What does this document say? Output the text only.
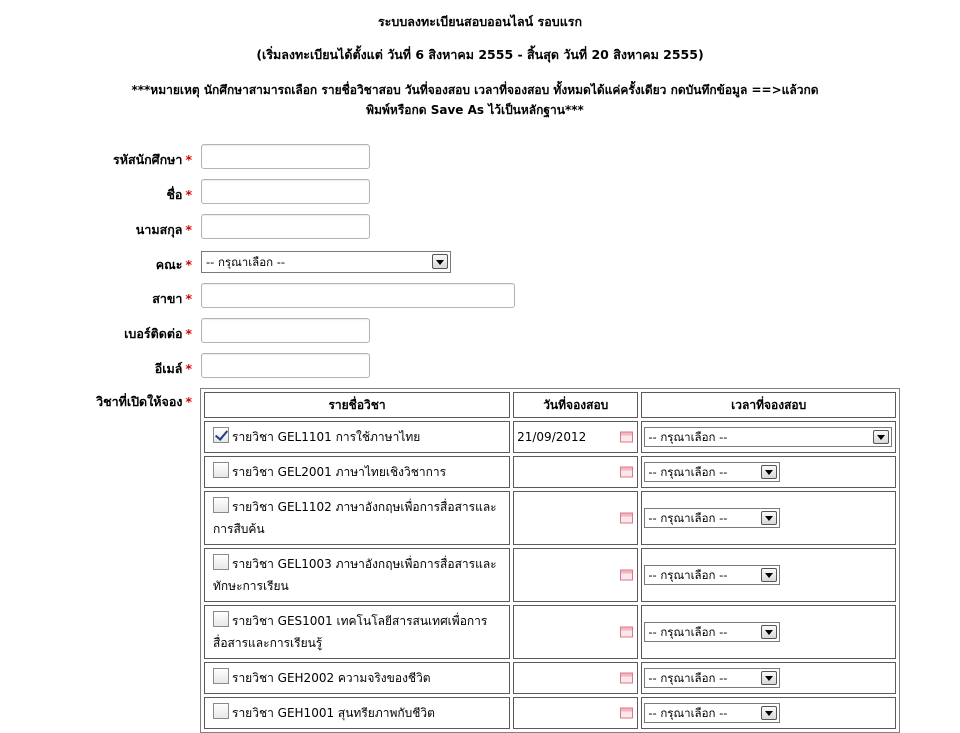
ระบบลงทะเบียนสอบออนไลน์ รอบแรก
(เริ่มลงทะเบียนได้ตั้งแต่ วันที่ 6 สิงหาคม 2555 - สิ้นสุด วันที่ 20 สิงหาคม 2555)
***หมายเหตุ นักศึกษาสามารถเลือก รายชื่อวิชาสอบ วันที่จองสอบ เวลาที่จองสอบ ทั้งหมดได้แค่ครั้งเดียว กดบันทึกข้อมูล ==>แล้วกด
พิมพ์หรือกด Save As ไว้เป็นหลักฐาน***
รหัสนักศึกษา *
ชื่อ *
นามสกุล *
คณะ *	-- กรุณาเลือก --
สาขา *
เบอร์ติดต่อ *
อีเมล์ *
วิชาที่เปิดให้จอง *	รายชื่อวิชา	วันที่จองสอบ	เวลาที่จองสอบ
รายวิชา GEL1101 การใช้ภาษาไทย	21/09/2012	-- กรุณาเลือก --

รายวิชา GEL2001 ภาษาไทยเชิงวิชาการ		-- กรุณาเลือก --

รายวิชา GEL1102 ภาษาอังกฤษเพื่อการสื่อสารและการสืบค้น		-- กรุณาเลือก --

รายวิชา GEL1003 ภาษาอังกฤษเพื่อการสื่อสารและทักษะการเรียน		-- กรุณาเลือก --

รายวิชา GES1001 เทคโนโลยีสารสนเทศเพื่อการสื่อสารและการเรียนรู้		-- กรุณาเลือก --

รายวิชา GEH2002 ความจริงของชีวิต		-- กรุณาเลือก --

รายวิชา GEH1001 สุนทรียภาพกับชีวิต		-- กรุณาเลือก --
